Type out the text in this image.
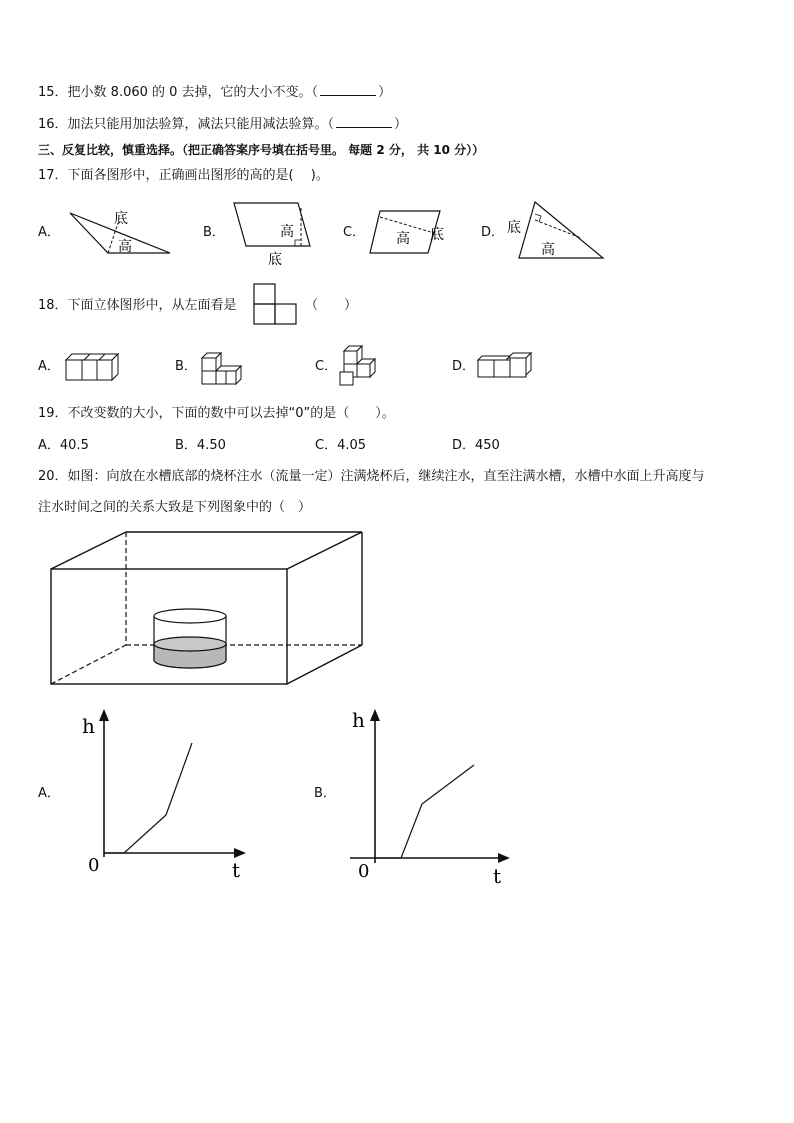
15．把小数 8.060 的 0 去掉，它的大小不变。（	）
16．加法只能用加法验算，减法只能用减法验算。（	）
三、反复比较，慎重选择。（把正确答案序号填在括号里。 每题 2 分， 共 10 分））
17．下面各图形中，正确画出图形的高的是(　 )。
A．
底
高
B．	高
底
C． 高 底	D． 底
高
18．下面立体图形中，从左面看是	（　　）
A．	B．	C．	D．
19．不改变数的大小，下面的数中可以去掉“0”的是（　　）。
A．40.5	B．4.50	C．4.05	D．450
20．如图：向放在水槽底部的烧杯注水（流量一定）注满烧杯后，继续注水，直至注满水槽，水槽中水面上升高度与
注水时间之间的关系大致是下列图象中的（　）
A．
h
0	t
B．
h
0	t
